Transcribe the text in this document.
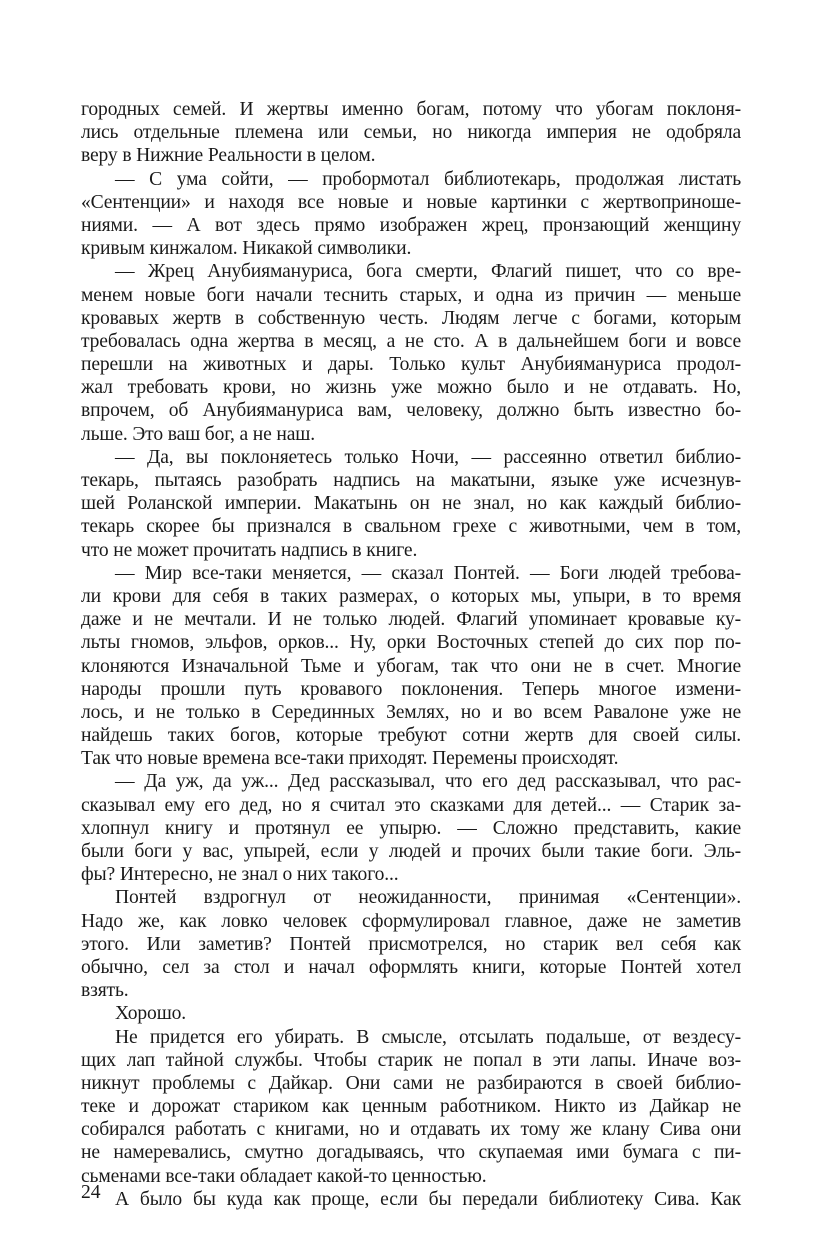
городных семей. И жертвы именно богам, потому что убогам поклоня-
лись отдельные племена или семьи, но никогда империя не одобряла
веру в Нижние Реальности в целом.
— С ума сойти, — пробормотал библиотекарь, продолжая листать
«Сентенции» и находя все новые и новые картинки с жертвоприноше-
ниями. — А вот здесь прямо изображен жрец, пронзающий женщину
кривым кинжалом. Никакой символики.
— Жрец Анубиямануриса, бога смерти, Флагий пишет, что со вре-
менем новые боги начали теснить старых, и одна из причин — меньше
кровавых жертв в собственную честь. Людям легче с богами, которым
требовалась одна жертва в месяц, а не сто. А в дальнейшем боги и вовсе
перешли на животных и дары. Только культ Анубиямануриса продол-
жал требовать крови, но жизнь уже можно было и не отдавать. Но,
впрочем, об Анубиямануриса вам, человеку, должно быть известно бо-
льше. Это ваш бог, а не наш.
— Да, вы поклоняетесь только Ночи, — рассеянно ответил библио-
текарь, пытаясь разобрать надпись на макатыни, языке уже исчезнув-
шей Роланской империи. Макатынь он не знал, но как каждый библио-
текарь скорее бы признался в свальном грехе с животными, чем в том,
что не может прочитать надпись в книге.
— Мир все-таки меняется, — сказал Понтей. — Боги людей требова-
ли крови для себя в таких размерах, о которых мы, упыри, в то время
даже и не мечтали. И не только людей. Флагий упоминает кровавые ку-
льты гномов, эльфов, орков... Ну, орки Восточных степей до сих пор по-
клоняются Изначальной Тьме и убогам, так что они не в счет. Многие
народы прошли путь кровавого поклонения. Теперь многое измени-
лось, и не только в Серединных Землях, но и во всем Равалоне уже не
найдешь таких богов, которые требуют сотни жертв для своей силы.
Так что новые времена все-таки приходят. Перемены происходят.
— Да уж, да уж... Дед рассказывал, что его дед рассказывал, что рас-
сказывал ему его дед, но я считал это сказками для детей... — Старик за-
хлопнул книгу и протянул ее упырю. — Сложно представить, какие
были боги у вас, упырей, если у людей и прочих были такие боги. Эль-
фы? Интересно, не знал о них такого...
Понтей вздрогнул от неожиданности, принимая «Сентенции».
Надо же, как ловко человек сформулировал главное, даже не заметив
этого. Или заметив? Понтей присмотрелся, но старик вел себя как
обычно, сел за стол и начал оформлять книги, которые Понтей хотел
взять.
Хорошо.
Не придется его убирать. В смысле, отсылать подальше, от вездесу-
щих лап тайной службы. Чтобы старик не попал в эти лапы. Иначе воз-
никнут проблемы с Дайкар. Они сами не разбираются в своей библио-
теке и дорожат стариком как ценным работником. Никто из Дайкар не
собирался работать с книгами, но и отдавать их тому же клану Сива они
не намеревались, смутно догадываясь, что скупаемая ими бумага с пи-
сьменами все-таки обладает какой-то ценностью.
А было бы куда как проще, если бы передали библиотеку Сива. Как
24
